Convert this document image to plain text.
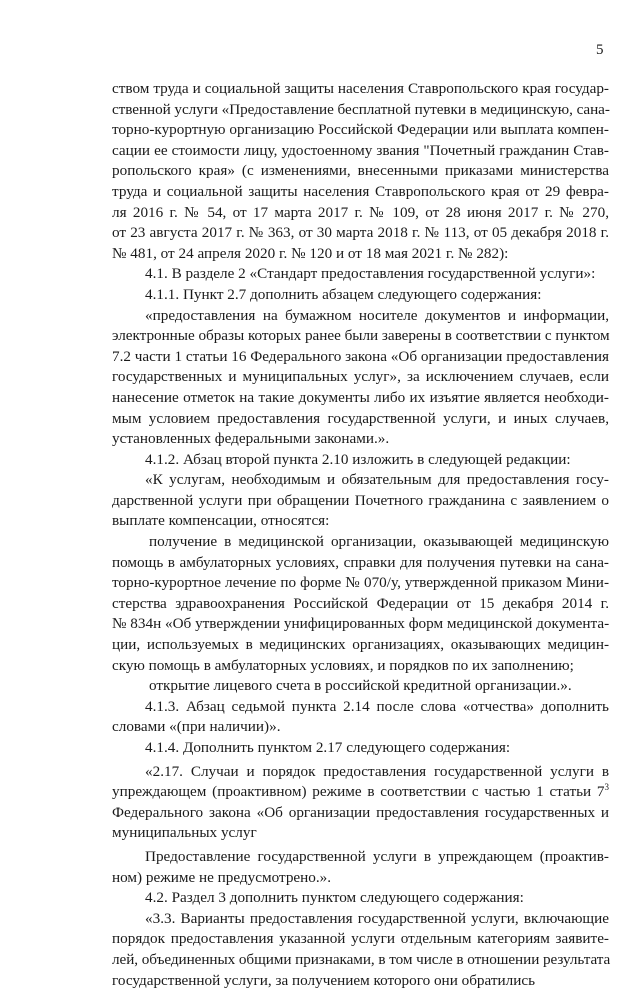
5
ством труда и социальной защиты населения Ставропольского края государ-
ственной услуги «Предоставление бесплатной путевки в медицинскую, сана-
торно-курортную организацию Российской Федерации или выплата компен-
сации ее стоимости лицу, удостоенному звания "Почетный гражданин Став-
ропольского края» (с изменениями, внесенными приказами министерства
труда и социальной защиты населения Ставропольского края от 29 февра-
ля 2016 г. № 54, от 17 марта 2017 г. № 109, от 28 июня 2017 г. № 270,
от 23 августа 2017 г. № 363, от 30 марта 2018 г. № 113, от 05 декабря 2018 г.
№ 481, от 24 апреля 2020 г. № 120 и от 18 мая 2021 г. № 282):
4.1. В разделе 2 «Стандарт предоставления государственной услуги»:
4.1.1. Пункт 2.7 дополнить абзацем следующего содержания:
«предоставления на бумажном носителе документов и информации,
электронные образы которых ранее были заверены в соответствии с пунктом
7.2 части 1 статьи 16 Федерального закона «Об организации предоставления
государственных и муниципальных услуг», за исключением случаев, если
нанесение отметок на такие документы либо их изъятие является необходи-
мым условием предоставления государственной услуги, и иных случаев,
установленных федеральными законами.».
4.1.2. Абзац второй пункта 2.10 изложить в следующей редакции:
«К услугам, необходимым и обязательным для предоставления госу-
дарственной услуги при обращении Почетного гражданина с заявлением о
выплате компенсации, относятся:
получение в медицинской организации, оказывающей медицинскую
помощь в амбулаторных условиях, справки для получения путевки на сана-
торно-курортное лечение по форме № 070/у, утвержденной приказом Мини-
стерства здравоохранения Российской Федерации от 15 декабря 2014 г.
№ 834н «Об утверждении унифицированных форм медицинской документа-
ции, используемых в медицинских организациях, оказывающих медицин-
скую помощь в амбулаторных условиях, и порядков по их заполнению;
открытие лицевого счета в российской кредитной организации.».
4.1.3. Абзац седьмой пункта 2.14 после слова «отчества» дополнить
словами «(при наличии)».
4.1.4. Дополнить пунктом 2.17 следующего содержания:
«2.17. Случаи и порядок предоставления государственной услуги в
упреждающем (проактивном) режиме в соответствии с частью 1 статьи $7^3$
Федерального закона «Об организации предоставления государственных и
муниципальных услуг
Предоставление государственной услуги в упреждающем (проактив-
ном) режиме не предусмотрено.».
4.2. Раздел 3 дополнить пунктом следующего содержания:
«3.3. Варианты предоставления государственной услуги, включающие
порядок предоставления указанной услуги отдельным категориям заявите-
лей, объединенных общими признаками, в том числе в отношении результата
государственной услуги, за получением которого они обратились
